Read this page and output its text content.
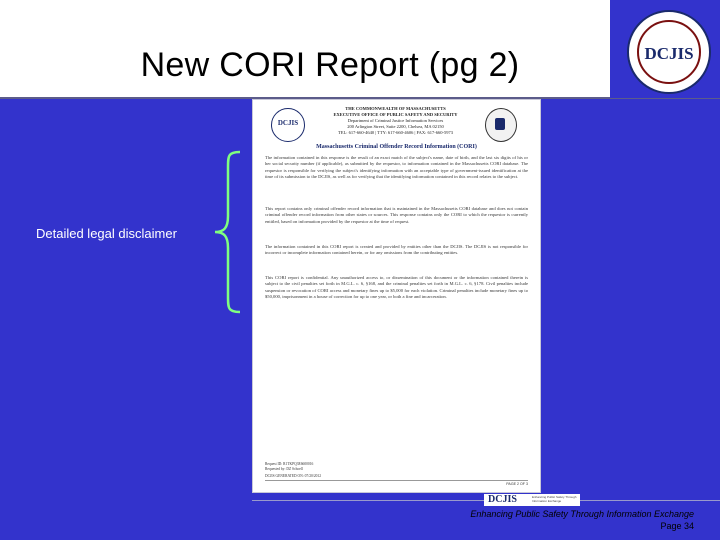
New CORI Report (pg 2)	DCJIS
Detailed legal disclaimer
DCJIS
THE COMMONWEALTH OF MASSACHUSETTS
EXECUTIVE OFFICE OF PUBLIC SAFETY AND SECURITY
Department of Criminal Justice Information Services
200 Arlington Street, Suite 2200, Chelsea, MA 02150
TEL: 617-660-4640 | TTY: 617-660-4606 | FAX: 617-660-5973
Massachusetts Criminal Offender Record Information (CORI)
The information contained in this response is the result of an exact match of the subject's name, date of birth, and the last six digits of his or her social security number (if applicable), as submitted by the requestor, to information contained in the Massachusetts CORI database. The requestor is responsible for verifying the subject's identifying information with an acceptable type of government-issued identification at the time of its submission to the DCJIS, as well as for verifying that the identifying information contained in this record relates to the subject.
This report contains only criminal offender record information that is maintained in the Massachusetts CORI database and does not contain criminal offender record information from other states or sources. This response contains only the CORI to which the requestor is currently entitled, based on information provided by the requestor at the time of request.
The information contained in this CORI report is created and provided by entities other than the DCJIS. The DCJIS is not responsible for incorrect or incomplete information contained herein, or for any omissions from the contributing entities.
This CORI report is confidential. Any unauthorized access to, or dissemination of this document or the information contained therein is subject to the civil penalties set forth in M.G.L. c. 6, §168, and the criminal penalties set forth in M.G.L. c. 6, §178. Civil penalties include suspension or revocation of CORI access and monetary fines up to $5,000 for each violation. Criminal penalties include monetary fines up to $50,000, imprisonment in a house of correction for up to one year, or both a fine and incarceration.
Request ID: R1TKPQ3E6600016
Requested by: DZ Schoell
DCJIS GENERATED ON: 07/20/2012
PAGE 2 OF 3
DCJIS	Enhancing Public Safety Through Information Exchange
Enhancing Public Safety Through Information Exchange
Page 34
